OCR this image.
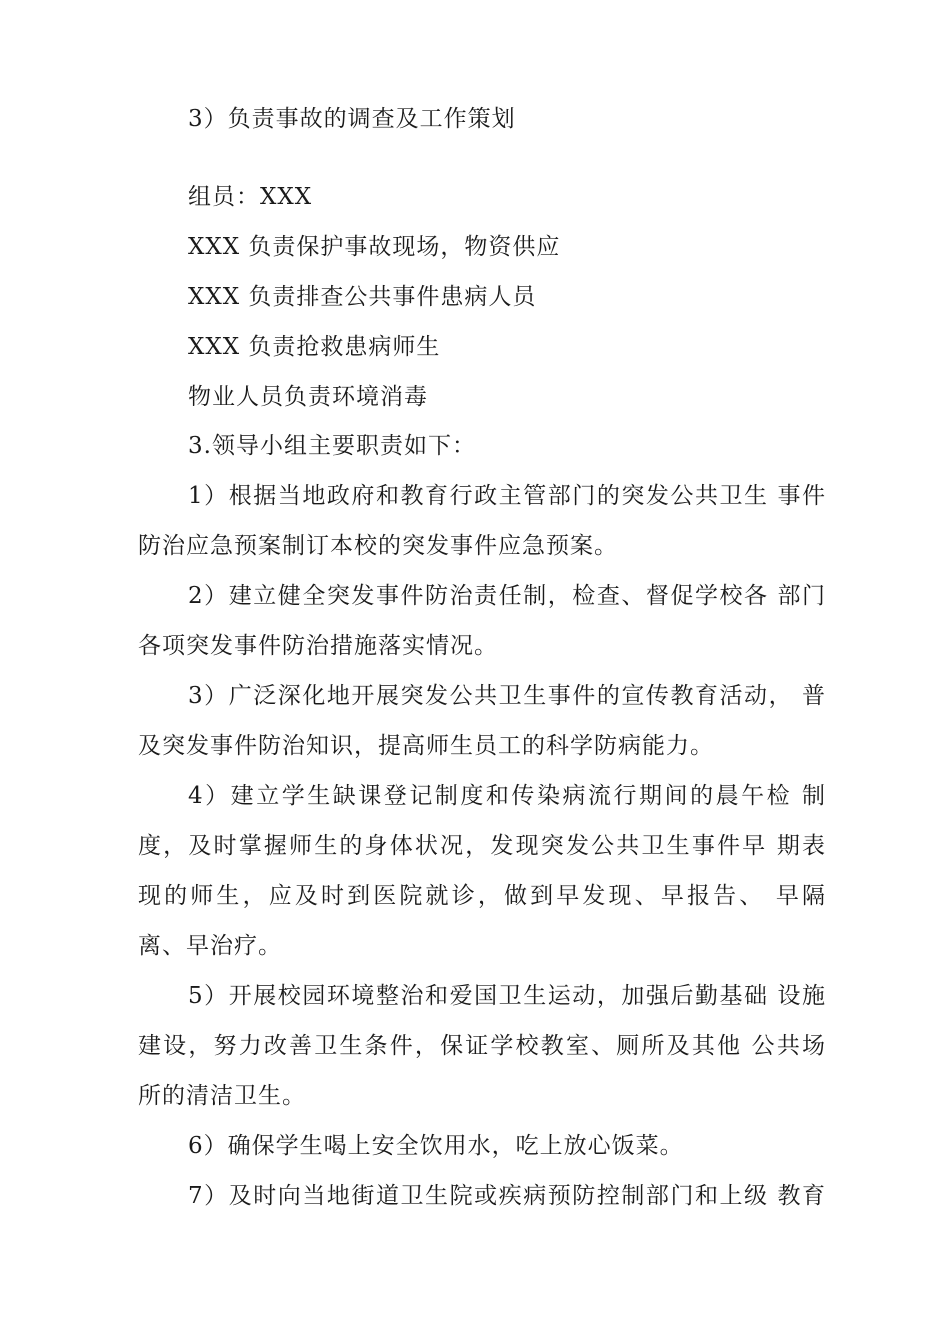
3）负责事故的调查及工作策划
组员：XXX
XXX 负责保护事故现场，物资供应
XXX 负责排查公共事件患病人员
XXX 负责抢救患病师生
物业人员负责环境消毒
3.领导小组主要职责如下：
1）根据当地政府和教育行政主管部门的突发公共卫生 事件
防治应急预案制订本校的突发事件应急预案。
2）建立健全突发事件防治责任制，检查、督促学校各 部门
各项突发事件防治措施落实情况。
3）广泛深化地开展突发公共卫生事件的宣传教育活动， 普
及突发事件防治知识，提高师生员工的科学防病能力。
4）建立学生缺课登记制度和传染病流行期间的晨午检 制
度，及时掌握师生的身体状况，发现突发公共卫生事件早 期表
现的师生，应及时到医院就诊，做到早发现、早报告、 早隔
离、早治疗。
5）开展校园环境整治和爱国卫生运动，加强后勤基础 设施
建设，努力改善卫生条件，保证学校教室、厕所及其他 公共场
所的清洁卫生。
6）确保学生喝上安全饮用水，吃上放心饭菜。
7）及时向当地街道卫生院或疾病预防控制部门和上级 教育
